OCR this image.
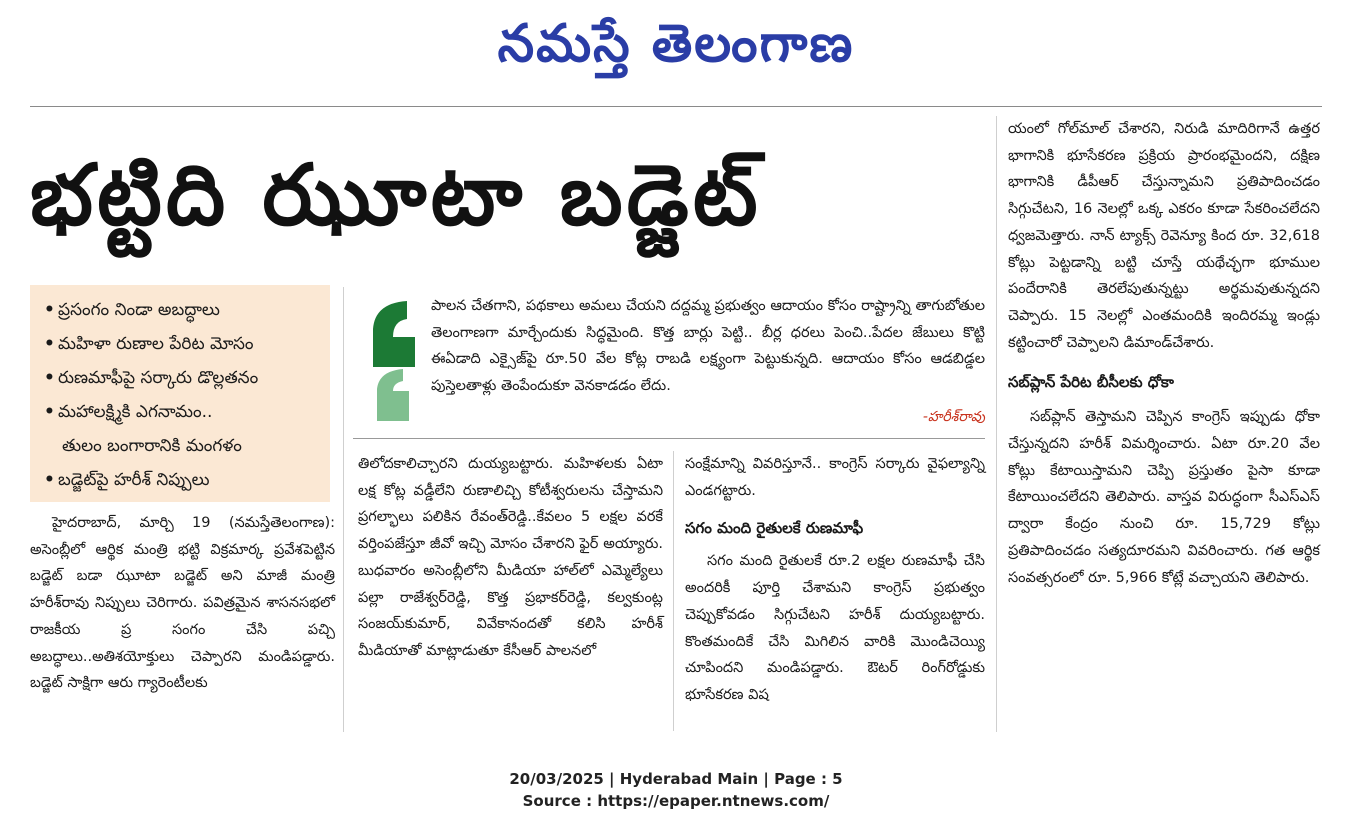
నమస్తే తెలంగాణ
భట్టిది ఝూటా బడ్జెట్
• ప్రసంగం నిండా అబద్ధాలు
• మహిళా రుణాల పేరిట మోసం
• రుణమాఫీపై సర్కారు డొల్లతనం
• మహాలక్ష్మికి ఎగనామం..
తులం బంగారానికి మంగళం
• బడ్జెట్‌పై హరీశ్ నిప్పులు
పాలన చేతగాని, పథకాలు అమలు చేయని దద్దమ్మ ప్రభుత్వం ఆదాయం కోసం రాష్ట్రాన్ని తాగుబోతుల తెలంగాణగా మార్చేందుకు సిద్ధమైంది. కొత్త బార్లు పెట్టి.. బీర్ల ధరలు పెంచి..పేదల జేబులు కొట్టి ఈఏడాది ఎక్సైజ్‌పై రూ.50 వేల కోట్ల రాబడి లక్ష్యంగా పెట్టుకున్నది. ఆదాయం కోసం ఆడబిడ్డల పుస్తెలతాళ్లు తెంపేందుకూ వెనకాడడం లేదు.
-హరీశ్‌రావు
హైదరాబాద్, మార్చి 19 (నమస్తేతెలంగాణ): అసెంబ్లీలో ఆర్థిక మంత్రి భట్టి విక్రమార్క ప్రవేశపెట్టిన బడ్జెట్ బడా ఝూటా బడ్జెట్ అని మాజీ మంత్రి హరీశ్‌రావు నిప్పులు చెరిగారు. పవిత్రమైన శాసనసభలో రాజకీయ ప్ర సంగం చేసి పచ్చి అబద్ధాలు..అతిశయోక్తులు చెప్పారని మండిపడ్డారు. బడ్జెట్ సాక్షిగా ఆరు గ్యారెంటీలకు
తిలోదకాలిచ్చారని దుయ్యబట్టారు. మహిళలకు ఏటా లక్ష కోట్ల వడ్డీలేని రుణాలిచ్చి కోటీశ్వరులను చేస్తామని ప్రగల్భాలు పలికిన రేవంత్‌రెడ్డి..కేవలం 5 లక్షల వరకే వర్తింపజేస్తూ జీవో ఇచ్చి మోసం చేశారని ఫైర్ అయ్యారు. బుధవారం అసెంబ్లీలోని మీడియా హాల్‌లో ఎమ్మెల్యేలు పల్లా రాజేశ్వర్‌రెడ్డి, కొత్త ప్రభాకర్‌రెడ్డి, కల్వకుంట్ల సంజయ్‌కుమార్, వివేకానందతో కలిసి హరీశ్ మీడియాతో మాట్లాడుతూ కేసీఆర్ పాలనలో
సంక్షేమాన్ని వివరిస్తూనే.. కాంగ్రెస్ సర్కారు వైఫల్యాన్ని ఎండగట్టారు.
సగం మంది రైతులకే రుణమాఫీ
సగం మంది రైతులకే రూ.2 లక్షల రుణమాఫీ చేసి అందరికీ పూర్తి చేశామని కాంగ్రెస్ ప్రభుత్వం చెప్పుకోవడం సిగ్గుచేటని హరీశ్ దుయ్యబట్టారు. కొంతమందికే చేసి మిగిలిన వారికి మొండిచెయ్యి చూపిందని మండిపడ్డారు. ఔటర్ రింగ్‌రోడ్డుకు భూసేకరణ విష
యంలో గోల్‌మాల్ చేశారని, నిరుడి మాదిరిగానే ఉత్తర భాగానికి భూసేకరణ ప్రక్రియ ప్రారంభమైందని, దక్షిణ భాగానికి డీపీఆర్ చేస్తున్నామని ప్రతిపాదించడం సిగ్గుచేటని, 16 నెలల్లో ఒక్క ఎకరం కూడా సేకరించలేదని ధ్వజమెత్తారు. నాన్ ట్యాక్స్ రెవెన్యూ కింద రూ. 32,618 కోట్లు పెట్టడాన్ని బట్టి చూస్తే యథేచ్ఛగా భూముల పందేరానికి తెరలేపుతున్నట్టు అర్థమవుతున్నదని చెప్పారు. 15 నెలల్లో ఎంతమందికి ఇందిరమ్మ ఇండ్లు కట్టించారో చెప్పాలని డిమాండ్‌చేశారు.
సబ్‌ప్లాన్ పేరిట బీసీలకు ధోకా
సబ్‌ప్లాన్ తెస్తామని చెప్పిన కాంగ్రెస్ ఇప్పుడు ధోకా చేస్తున్నదని హరీశ్ విమర్శించారు. ఏటా రూ.20 వేల కోట్లు కేటాయిస్తామని చెప్పి ప్రస్తుతం పైసా కూడా కేటాయించలేదని తెలిపారు. వాస్తవ విరుద్ధంగా సీఎస్‌ఎస్ ద్వారా కేంద్రం నుంచి రూ. 15,729 కోట్లు ప్రతిపాదించడం సత్యదూరమని వివరించారు. గత ఆర్థిక సంవత్సరంలో రూ. 5,966 కోట్లే వచ్చాయని తెలిపారు.
20/03/2025 | Hyderabad Main | Page : 5
Source : https://epaper.ntnews.com/
